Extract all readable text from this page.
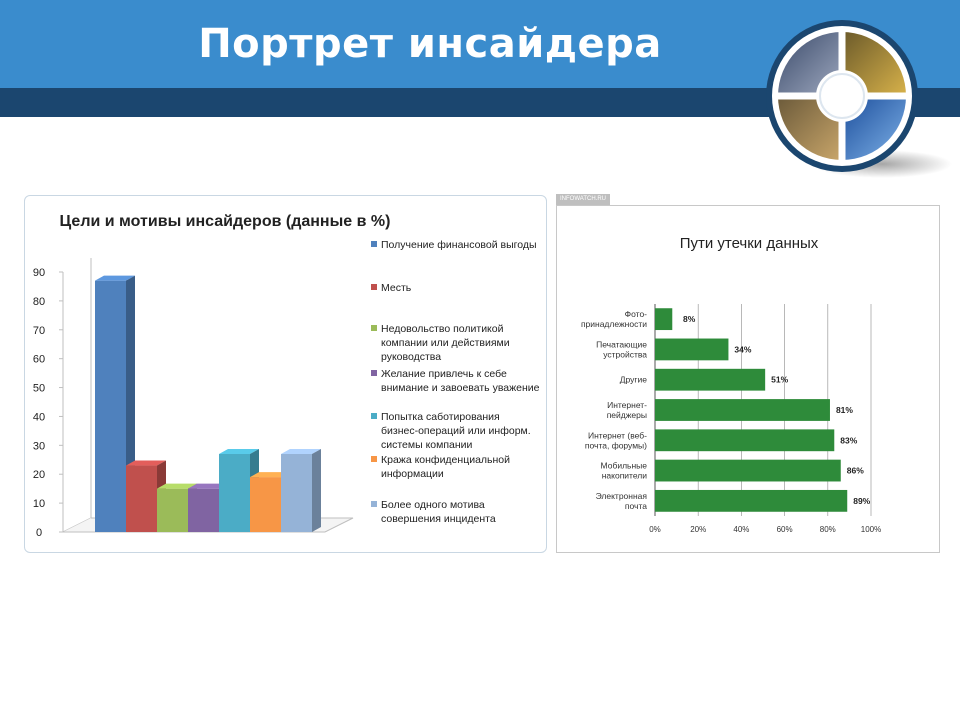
Портрет инсайдера
Цели и мотивы инсайдеров (данные в %)
0
10
20
30
40
50
60
70
80
90
Получение финансовой выгоды
Месть
Недовольство политикой компании или действиями руководства
Желание привлечь к себе внимание и завоевать уважение
Попытка саботирования бизнес-операций или информ. системы компании
Кража конфиденциальной информации
Более одного мотива совершения инцидента
INFOWATCH.RU
Пути утечки данных
0%	20%	40%	60%	80%	100%
8%
Фото-принадлежности
34%
Печатающие устройства
51%
Другие
81%
Интернет-пейджеры
83%
Интернет (веб-почта, форумы)
86%
Мобильные накопители
89%
Электронная почта
